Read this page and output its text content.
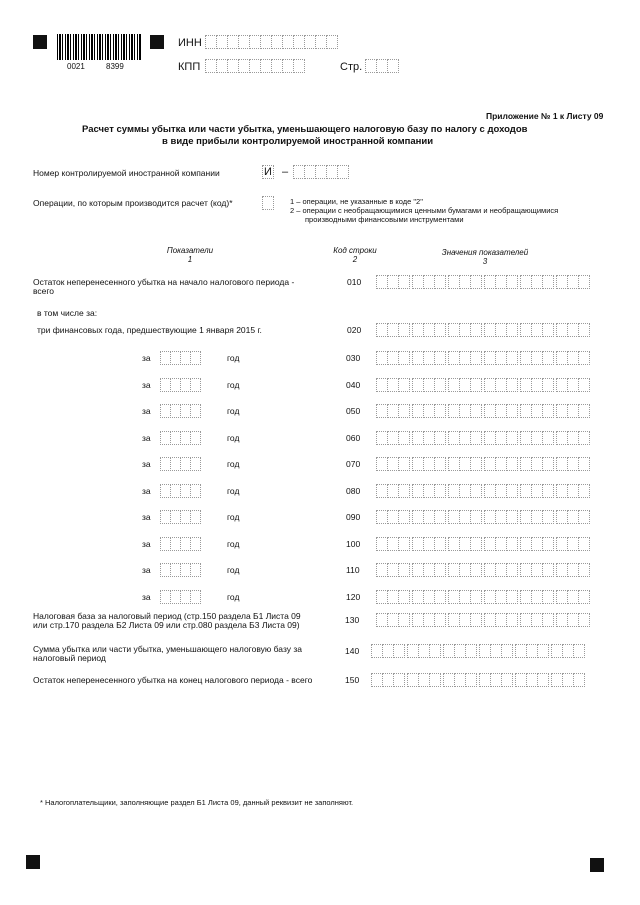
0021	8399
ИНН
КПП	Стр.
Приложение № 1 к Листу 09
Расчет суммы убытка или части убытка, уменьшающего налоговую базу по налогу с доходов
в виде прибыли контролируемой иностранной компании
Номер контролируемой иностранной компании	И –
Операции, по которым производится расчет (код)*	1 – операции, не указанные в коде "2"
2 – операции с необращающимися ценными бумагами и необращающимися
производными финансовыми инструментами
Показатели
1
Код строки
2
Значения показателей
3
Остаток неперенесенного убытка на начало налогового периода -
всего
010
в том числе за:
три финансовых года, предшествующие 1 января 2015 г.	020
за	год	030
за	год	040
за	год	050
за	год	060
за	год	070
за	год	080
за	год	090
за	год	100
за	год	110
за	год	120
Налоговая база за налоговый период (стр.150 раздела Б1 Листа 09
или стр.170 раздела Б2 Листа 09 или стр.080 раздела Б3 Листа 09)	130
Сумма убытка или части убытка, уменьшающего налоговую базу за
налоговый период
140
Остаток неперенесенного убытка на конец налогового периода - всего	150
* Налогоплательщики, заполняющие раздел Б1 Листа 09, данный реквизит не заполняют.
